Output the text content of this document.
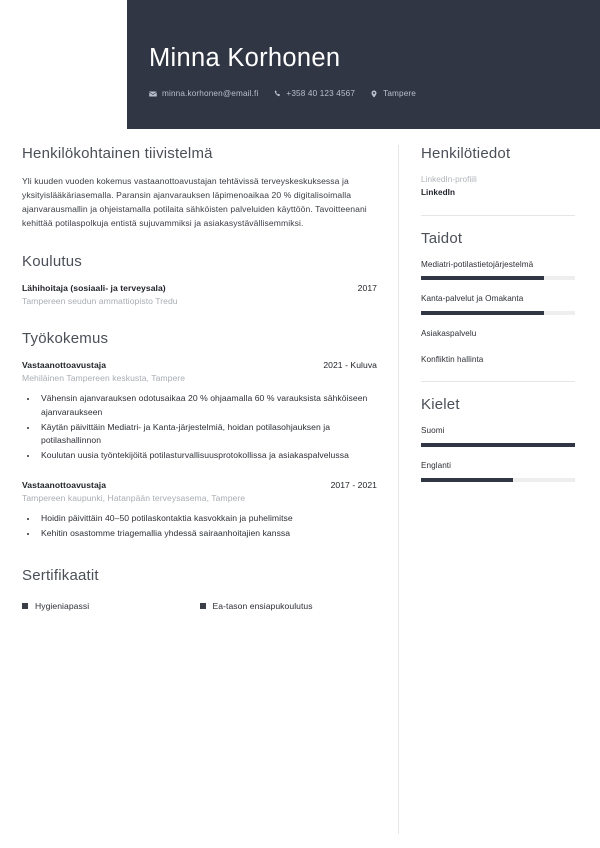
Minna Korhonen
minna.korhonen@email.fi	+358 40 123 4567	Tampere
Henkilökohtainen tiivistelmä
Yli kuuden vuoden kokemus vastaanottoavustajan tehtävissä terveyskeskuksessa ja yksityislääkäriasemalla. Paransin ajanvarauksen läpimenoaikaa 20 % digitalisoimalla ajanvarausmallin ja ohjeistamalla potilaita sähköisten palveluiden käyttöön. Tavoitteenani kehittää potilaspolkuja entistä sujuvammiksi ja asiakasystävällisemmiksi.
Koulutus
Lähihoitaja (sosiaali- ja terveysala)	2017
Tampereen seudun ammattiopisto Tredu
Työkokemus
Vastaanottoavustaja	2021 - Kuluva
Mehiläinen Tampereen keskusta, Tampere
• Vähensin ajanvarauksen odotusaikaa 20 % ohjaamalla 60 % varauksista sähköiseen ajanvaraukseen
• Käytän päivittäin Mediatri- ja Kanta-järjestelmiä, hoidan potilasohjauksen ja potilashallinnon
• Koulutan uusia työntekijöitä potilasturvallisuusprotokollissa ja asiakaspalvelussa
Vastaanottoavustaja	2017 - 2021
Tampereen kaupunki, Hatanpään terveysasema, Tampere
• Hoidin päivittäin 40–50 potilaskontaktia kasvokkain ja puhelimitse
• Kehitin osastomme triagemallia yhdessä sairaanhoitajien kanssa
Sertifikaatit
Hygieniapassi	Ea-tason ensiapukoulutus
Henkilötiedot
LinkedIn-profiili
LinkedIn
Taidot
Mediatri-potilastietojärjestelmä
Kanta-palvelut ja Omakanta
Asiakaspalvelu
Konfliktin hallinta
Kielet
Suomi
Englanti
